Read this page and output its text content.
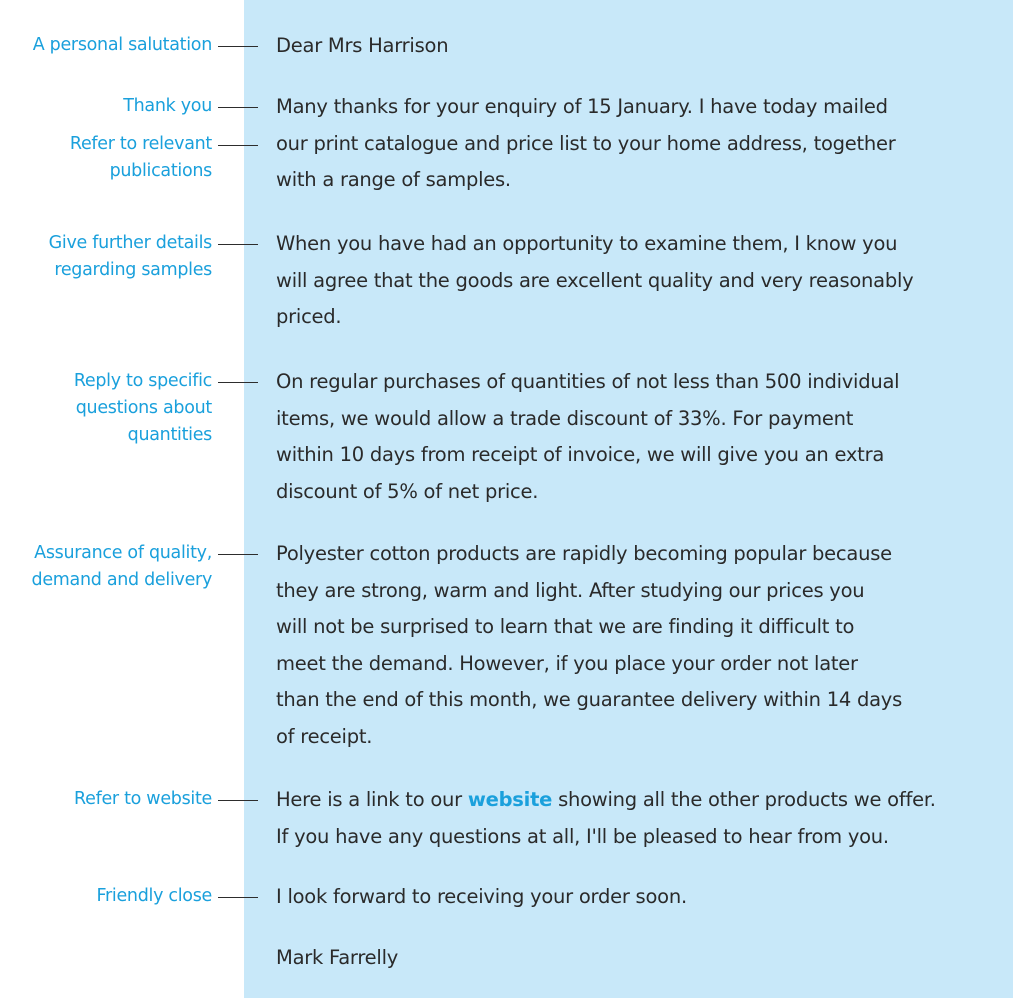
A personal salutation
Thank you
Refer to relevant
publications
Give further details
regarding samples
Reply to specific
questions about
quantities
Assurance of quality,
demand and delivery
Refer to website
Friendly close
Dear Mrs Harrison
Many thanks for your enquiry of 15 January. I have today mailed
our print catalogue and price list to your home address, together
with a range of samples.
When you have had an opportunity to examine them, I know you
will agree that the goods are excellent quality and very reasonably
priced.
On regular purchases of quantities of not less than 500 individual
items, we would allow a trade discount of 33%. For payment
within 10 days from receipt of invoice, we will give you an extra
discount of 5% of net price.
Polyester cotton products are rapidly becoming popular because
they are strong, warm and light. After studying our prices you
will not be surprised to learn that we are finding it difficult to
meet the demand. However, if you place your order not later
than the end of this month, we guarantee delivery within 14 days
of receipt.
Here is a link to our website showing all the other products we offer.
If you have any questions at all, I'll be pleased to hear from you.
I look forward to receiving your order soon.
Mark Farrelly
